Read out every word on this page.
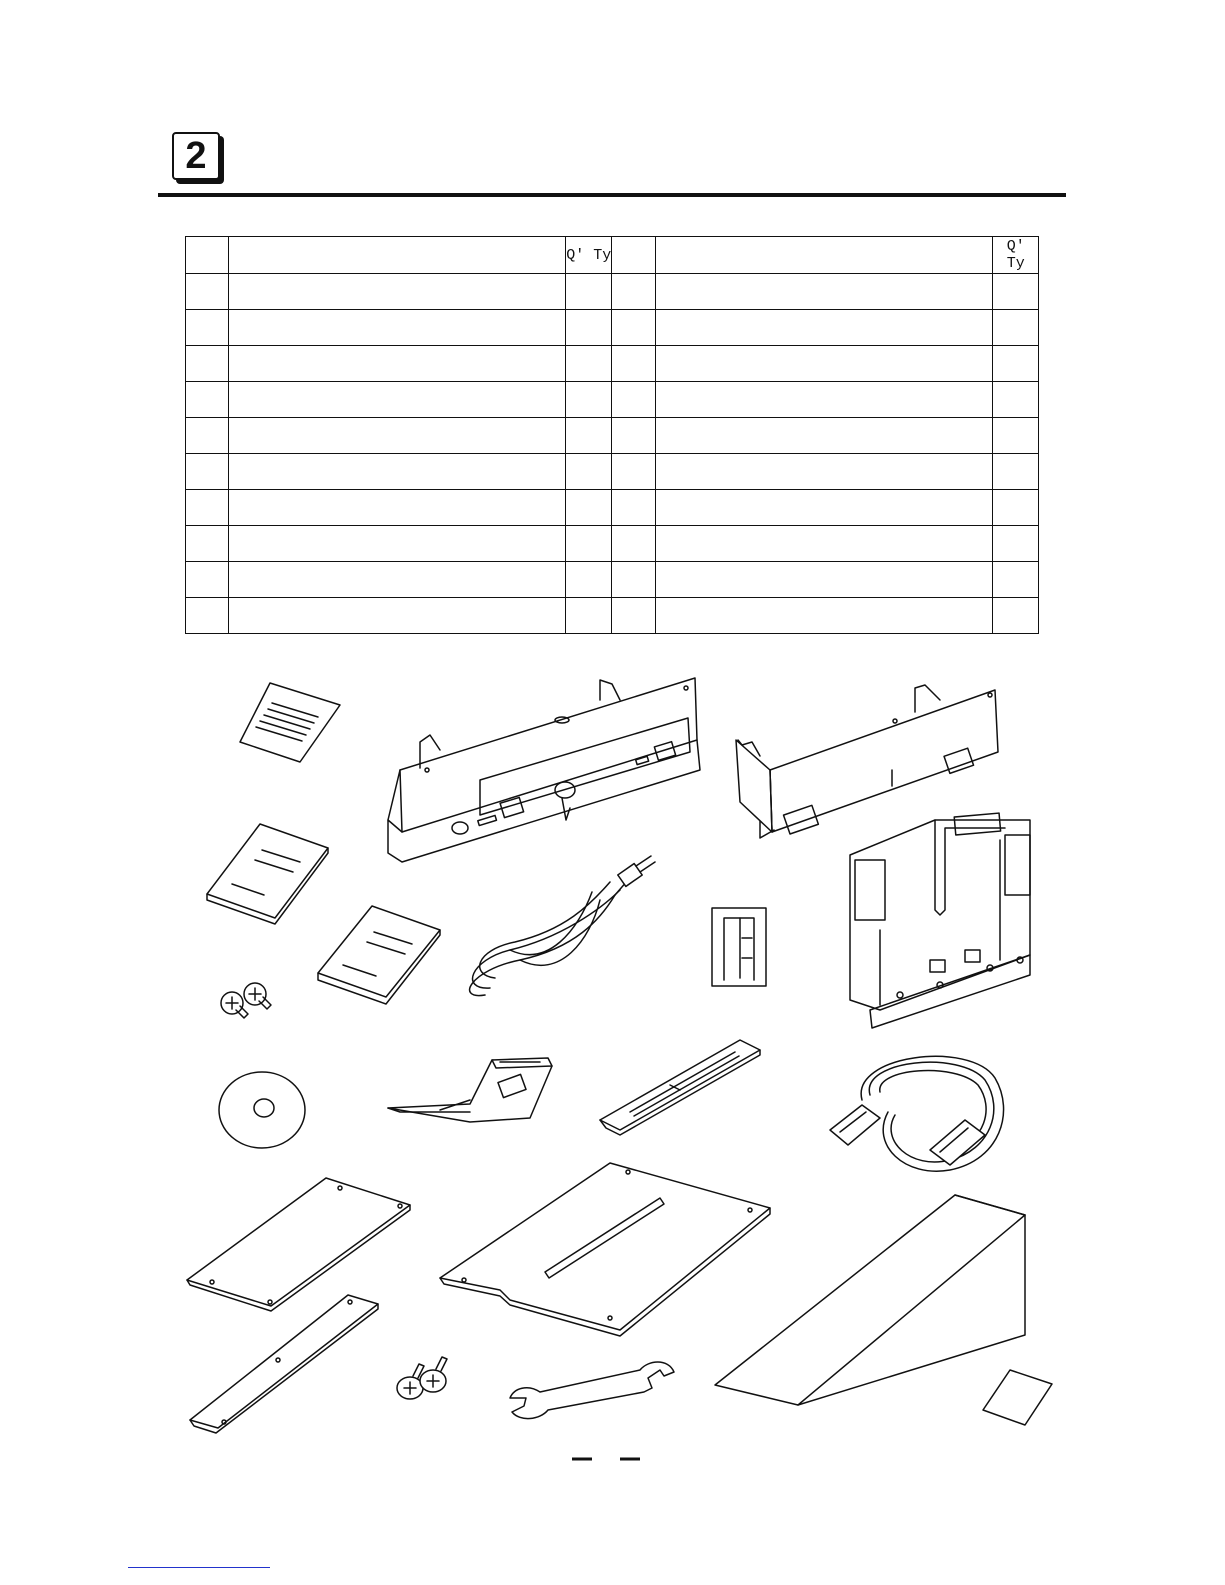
2
		Q' Ty			Q' Ty
